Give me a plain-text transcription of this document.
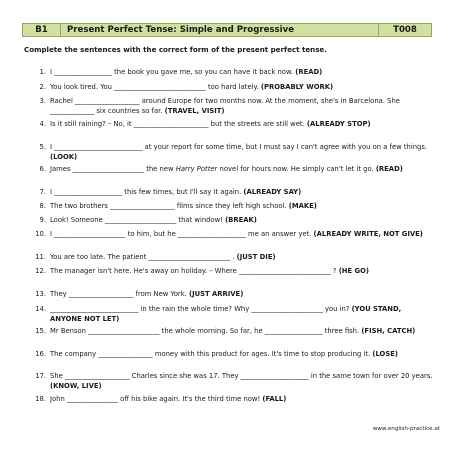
B1	Present Perfect Tense: Simple and Progressive	T008
Complete the sentences with the correct form of the present perfect tense.
1. I _________________ the book you gave me, so you can have it back now. (READ)
2. You look tired. You ___________________________ too hard lately. (PROBABLY WORK)
3. Rachel ___________________ around Europe for two months now. At the moment, she's in Barcelona. She _____________ six countries so far. (TRAVEL, VISIT)
4. Is it still raining? – No, it ______________________ but the streets are still wet. (ALREADY STOP)
5. I __________________________ at your report for some time, but I must say I can't agree with you on a few things. (LOOK)
6. James _____________________ the new Harry Potter novel for hours now. He simply can't let it go. (READ)
7. I ____________________ this few times, but I'll say it again. (ALREADY SAY)
8. The two brothers ___________________ films since they left high school. (MAKE)
9. Look! Someone _____________________ that window! (BREAK)
10. I _____________________ to him, but he ____________________ me an answer yet. (ALREADY WRITE, NOT GIVE)
11. You are too late. The patient ________________________ . (JUST DIE)
12. The manager isn't here. He's away on holiday. – Where ___________________________ ? (HE GO)
13. They ___________________ from New York. (JUST ARRIVE)
14. __________________________ in the rain the whole time? Why _____________________ you in? (YOU STAND, ANYONE NOT LET)
15. Mr Benson _____________________ the whole morning. So far, he _________________ three fish. (FISH, CATCH)
16. The company ________________ money with this product for ages. It's time to stop producing it. (LOSE)
17. She ___________________ Charles since she was 17. They ____________________ in the same town for over 20 years. (KNOW, LIVE)
18. John _______________ off his bike again. It's the third time now! (FALL)
www.english-practice.at
